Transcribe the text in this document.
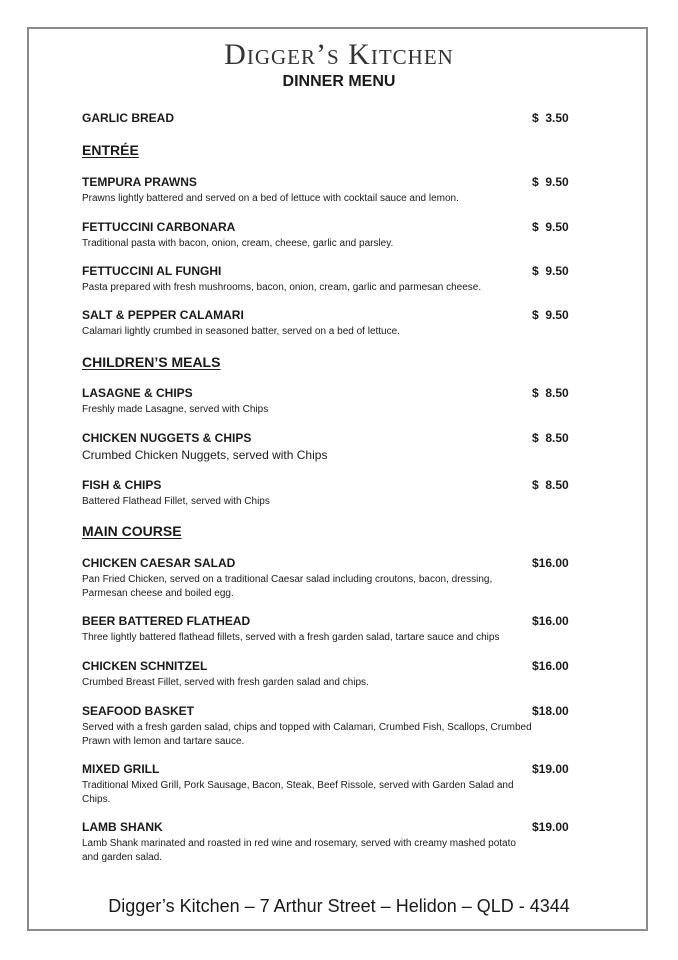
Digger’s Kitchen
DINNER MENU
GARLIC BREAD	$  3.50
ENTRÉE
TEMPURA PRAWNS
Prawns lightly battered and served on a bed of lettuce with cocktail sauce and lemon.
$  9.50
FETTUCCINI CARBONARA
Traditional pasta with bacon, onion, cream, cheese, garlic and parsley.
$  9.50
FETTUCCINI AL FUNGHI
Pasta prepared with fresh mushrooms, bacon, onion, cream, garlic and parmesan cheese.
$  9.50
SALT & PEPPER CALAMARI
Calamari lightly crumbed in seasoned batter, served on a bed of lettuce.
$  9.50
CHILDREN’S MEALS
LASAGNE & CHIPS
Freshly made Lasagne, served with Chips
$  8.50
CHICKEN NUGGETS & CHIPS
Crumbed Chicken Nuggets, served with Chips
$  8.50
FISH & CHIPS
Battered Flathead Fillet, served with Chips
$  8.50
MAIN COURSE
CHICKEN CAESAR SALAD
Pan Fried Chicken, served on a traditional Caesar salad including croutons, bacon, dressing, Parmesan cheese and boiled egg.
$16.00
BEER BATTERED FLATHEAD
Three lightly battered flathead fillets, served with a fresh garden salad, tartare sauce and chips
$16.00
CHICKEN SCHNITZEL
Crumbed Breast Fillet, served with fresh garden salad and chips.
$16.00
SEAFOOD BASKET
Served with a fresh garden salad, chips and topped with Calamari, Crumbed Fish, Scallops, Crumbed Prawn with lemon and tartare sauce.
$18.00
MIXED GRILL
Traditional Mixed Grill, Pork Sausage, Bacon, Steak, Beef Rissole, served with Garden Salad and Chips.
$19.00
LAMB SHANK
Lamb Shank marinated and roasted in red wine and rosemary, served with creamy mashed potato and garden salad.
$19.00
Digger’s Kitchen – 7 Arthur Street – Helidon – QLD - 4344
